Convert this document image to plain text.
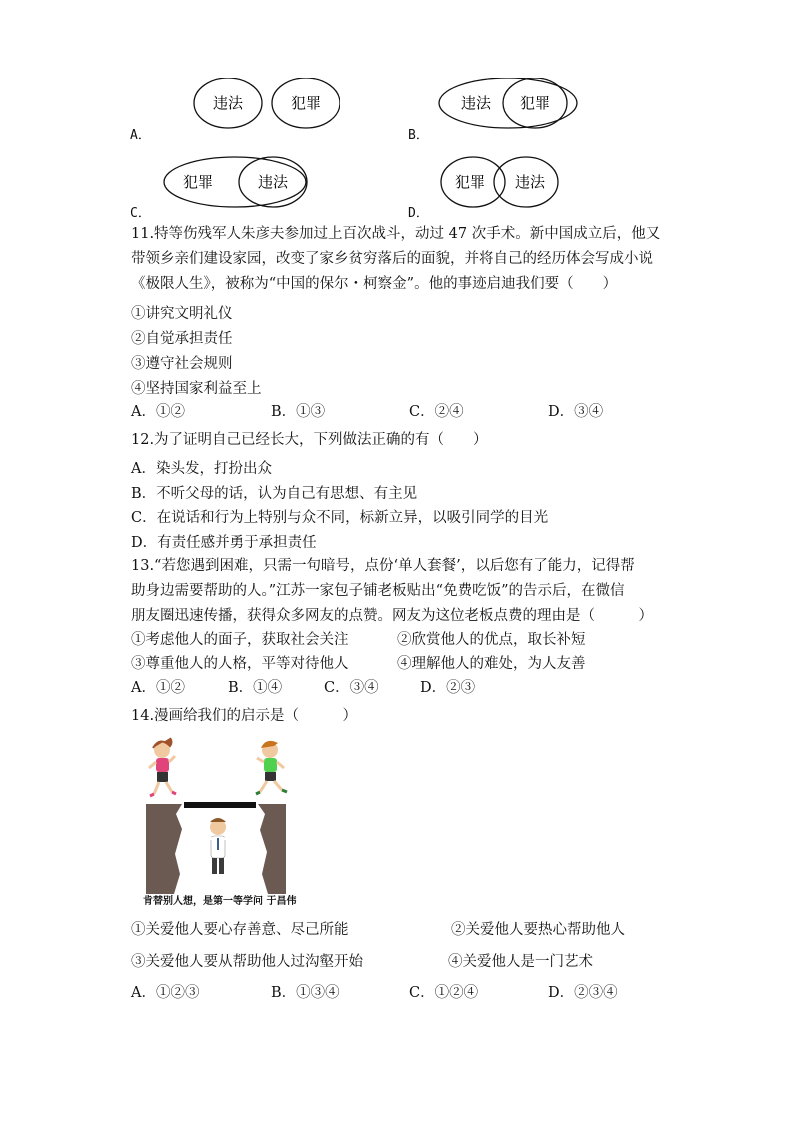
A．
违法	犯罪
B．
违法 犯罪
C．
犯罪	违法
D．
犯罪 违法
11.特等伤残军人朱彦夫参加过上百次战斗，动过 47 次手术。新中国成立后，他又
带领乡亲们建设家园，改变了家乡贫穷落后的面貌，并将自己的经历体会写成小说
《极限人生》，被称为“中国的保尔・柯察金”。他的事迹启迪我们要（　　）
①讲究文明礼仪
②自觉承担责任
③遵守社会规则
④坚持国家利益至上
A．①②	B．①③	C．②④	D．③④
12.为了证明自己已经长大，下列做法正确的有（　　）
A．染头发，打扮出众
B．不听父母的话，认为自己有思想、有主见
C．在说话和行为上特别与众不同，标新立异，以吸引同学的目光
D．有责任感并勇于承担责任
13.“若您遇到困难，只需一句暗号，点份‘单人套餐’，以后您有了能力，记得帮
助身边需要帮助的人。”江苏一家包子铺老板贴出“免费吃饭”的告示后，在微信
朋友圈迅速传播，获得众多网友的点赞。网友为这位老板点费的理由是（　　　）
①考虑他人的面子，获取社会关注	②欣赏他人的优点，取长补短
③尊重他人的人格，平等对待他人	④理解他人的难处，为人友善
A．①②	B．①④	C．③④	D．②③
14.漫画给我们的启示是（　　　）
肯替别人想，是第一等学问 于昌伟
①关爱他人要心存善意、尽己所能	②关爱他人要热心帮助他人
③关爱他人要从帮助他人过沟壑开始	④关爱他人是一门艺术
A．①②③	B．①③④	C．①②④	D．②③④
